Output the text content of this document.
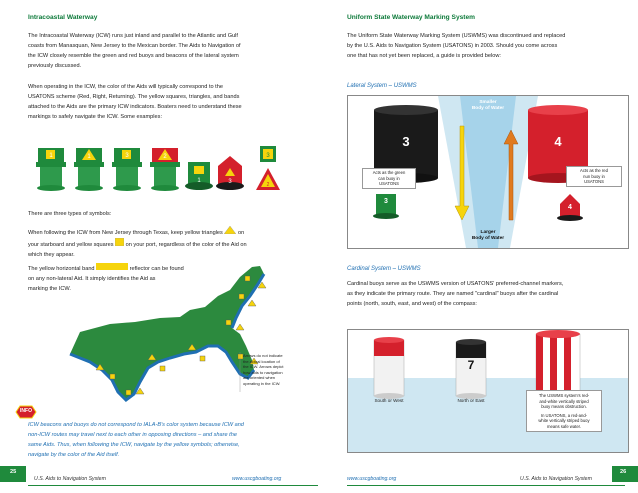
Intracoastal Waterway
The Intracoastal Waterway (ICW) runs just inland and parallel to the Atlantic and Gulf
coasts from Manasquan, New Jersey to the Mexican border. The Aids to Navigation of
the ICW closely resemble the green and red buoys and beacons of the lateral system
previously discussed.
When operating in the ICW, the color of the Aids will typically correspond to the
USATONS scheme (Red, Right, Returning). The yellow squares, triangles, and bands
attached to the Aids are the primary ICW indicators. Boaters need to understand these
markings to safely navigate the ICW. Some examples:
1	1	3	2
1	3
3
2
There are three types of symbols:
When following the ICW from New Jersey through Texas, keep yellow triangles	on
your starboard and yellow squares on your port, regardless of the color of the Aid on
which they appear.
The yellow horizontal band	reflector can be found
on any non-lateral Aid. It simply identifies the Aid as
marking the ICW.
Arrows do not indicate
the actual location of
the ICW. Arrows depict
how aids to navigation
are oriented when
operating in the ICW.
INFO
ICW beacons and buoys do not correspond to IALA-B's color system because ICW and
non-ICW routes may travel next to each other in opposing directions – and share the
same Aids. Thus, when following the ICW, navigate by the yellow symbols; otherwise,
navigate by the color of the Aid itself.
25
U.S. Aids to Navigation System	www.uscgboating.org
Uniform State Waterway Marking System
The Uniform State Waterway Marking System (USWMS) was discontinued and replaced
by the U.S. Aids to Navigation System (USATONS) in 2003. Should you come across
one that has not yet been replaced, a guide is provided below:
Lateral System – USWMS
Smaller
Body of Water
Larger
Body of Water
3	4
3
4
Acts as the green
can buoy in
USATONS
Acts as the red
nun buoy in
USATONS
Cardinal System – USWMS
Cardinal buoys serve as the USWMS version of USATONS' preferred-channel markers,
as they indicate the primary route. They are named "cardinal" buoys after the cardinal
points (north, south, east, and west) of the compass:
7
South or West	North or East
The USWMS system's red-
and-white vertically striped
buoy means obstruction.
In USATONS, a red-and-
white vertically striped buoy
means safe water.
www.uscgboating.org	U.S. Aids to Navigation System
26
